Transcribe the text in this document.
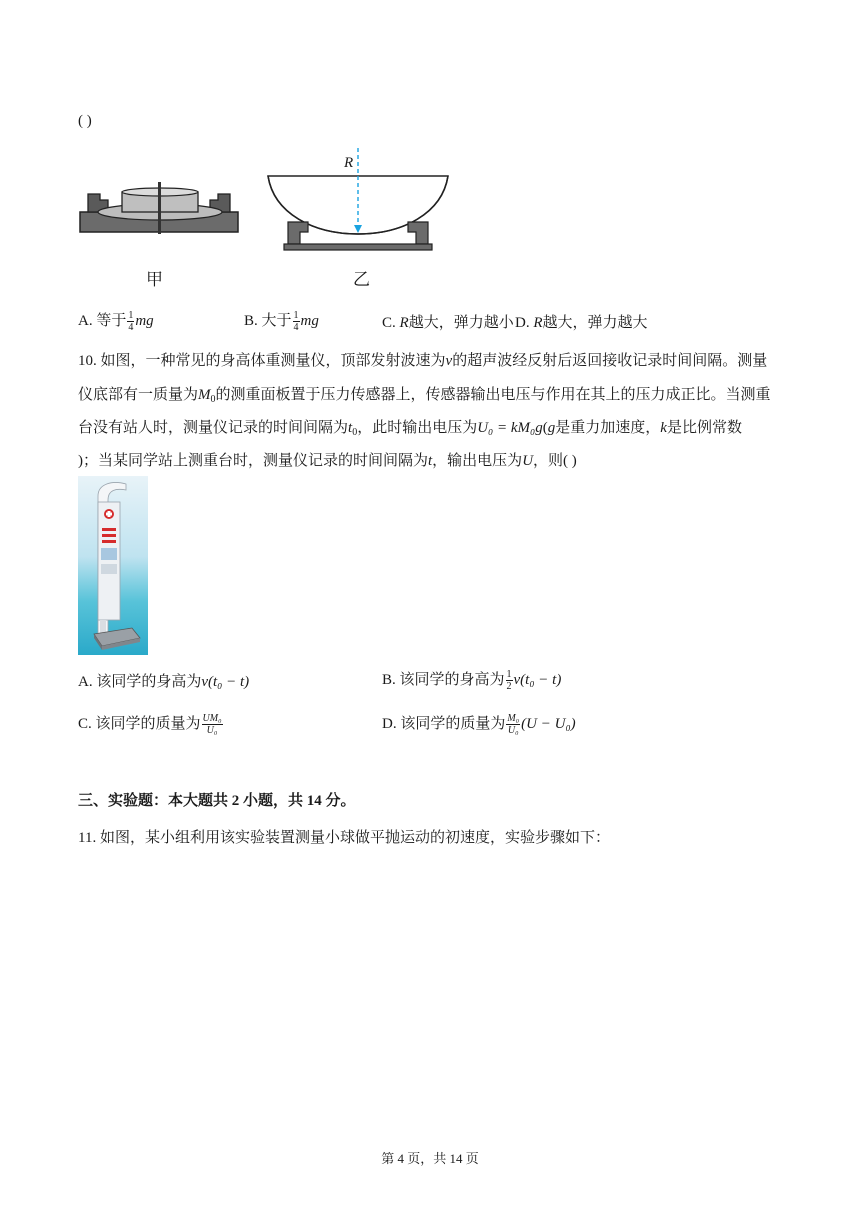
( )
甲
R
乙
A. 等于 $\frac{1}{4}$ mg	B. 大于 $\frac{1}{4}$ mg	C. R越大，弹力越小 D. R越大，弹力越大
10. 如图，一种常见的身高体重测量仪，顶部发射波速为v的超声波经反射后返回接收记录时间间隔。测量
仪底部有一质量为$M_0$的测重面板置于压力传感器上，传感器输出电压与作用在其上的压力成正比。当测重
台没有站人时，测量仪记录的时间间隔为$t_0$，此时输出电压为U₀ = kM₀g(g是重力加速度，k是比例常数
)；当某同学站上测重台时，测量仪记录的时间间隔为t，输出电压为U，则( )
A. 该同学的身高为v(t₀ − t)	B. 该同学的身高为 $\frac{1}{2} v(t_0 - t)$
C. 该同学的质量为 $\frac{\text{UM₀}}{\text{U₀}}$	D. 该同学的质量为 $\frac{\text{M₀}}{\text{U₀}} (U - U_0)$
三、实验题：本大题共 2 小题，共 14 分。
11. 如图，某小组利用该实验装置测量小球做平抛运动的初速度，实验步骤如下：
第 4 页，共 14 页
